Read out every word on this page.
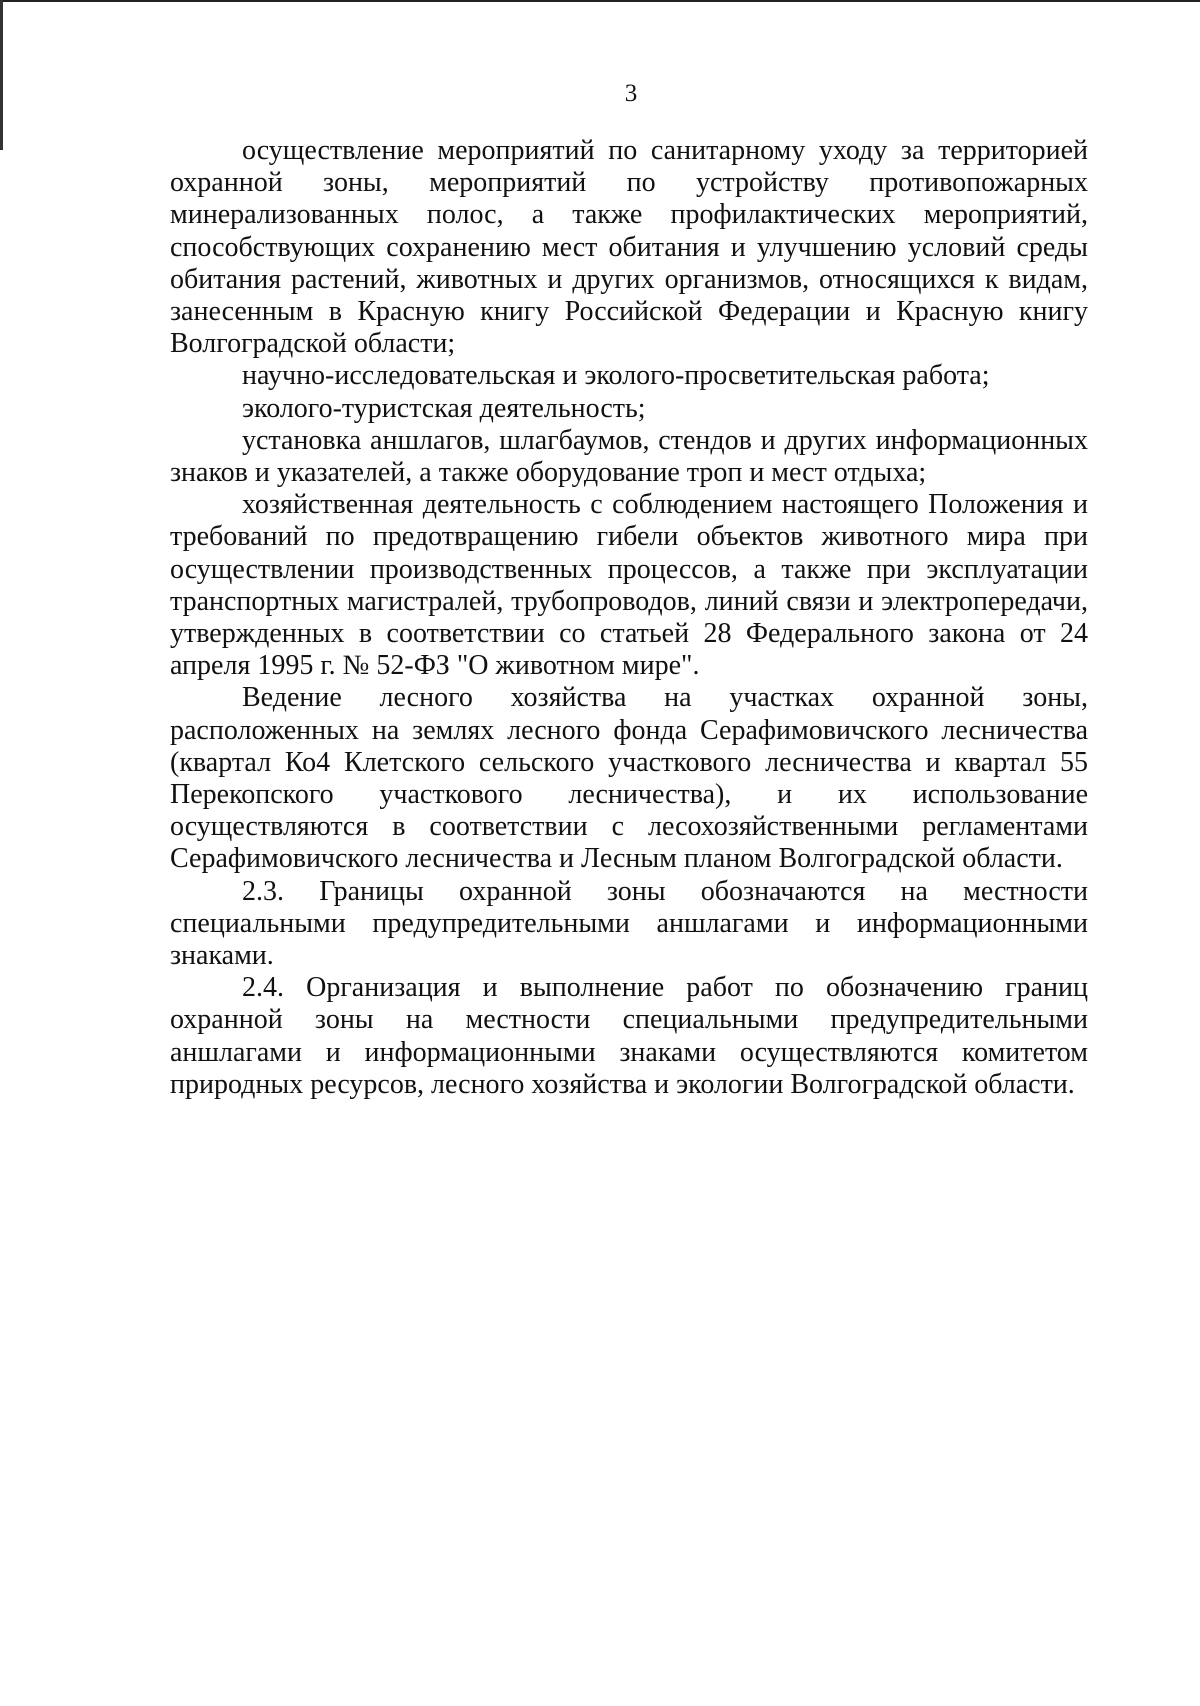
3

осуществление мероприятий по санитарному уходу за территорией охранной зоны, мероприятий по устройству противопожарных минерализованных полос, а также профилактических мероприятий, способствующих сохранению мест обитания и улучшению условий среды обитания растений, животных и других организмов, относящихся к видам, занесенным в Красную книгу Российской Федерации и Красную книгу Волгоградской области;

научно-исследовательская и эколого-просветительская работа;

эколого-туристская деятельность;

установка аншлагов, шлагбаумов, стендов и других информационных знаков и указателей, а также оборудование троп и мест отдыха;

хозяйственная деятельность с соблюдением настоящего Положения и требований по предотвращению гибели объектов животного мира при осуществлении производственных процессов, а также при эксплуатации транспортных магистралей, трубопроводов, линий связи и электропередачи, утвержденных в соответствии со статьей 28 Федерального закона от 24 апреля 1995 г. № 52-ФЗ "О животном мире".

Ведение лесного хозяйства на участках охранной зоны, расположенных на землях лесного фонда Серафимовичского лесничества (квартал Ко4 Клетского сельского участкового лесничества и квартал 55 Перекопского участкового лесничества), и их использование осуществляются в соответствии с лесохозяйственными регламентами Серафимовичского лесничества и Лесным планом Волгоградской области.

2.3. Границы охранной зоны обозначаются на местности специальными предупредительными аншлагами и информационными знаками.

2.4. Организация и выполнение работ по обозначению границ охранной зоны на местности специальными предупредительными аншлагами и информационными знаками осуществляются комитетом природных ресурсов, лесного хозяйства и экологии Волгоградской области.
